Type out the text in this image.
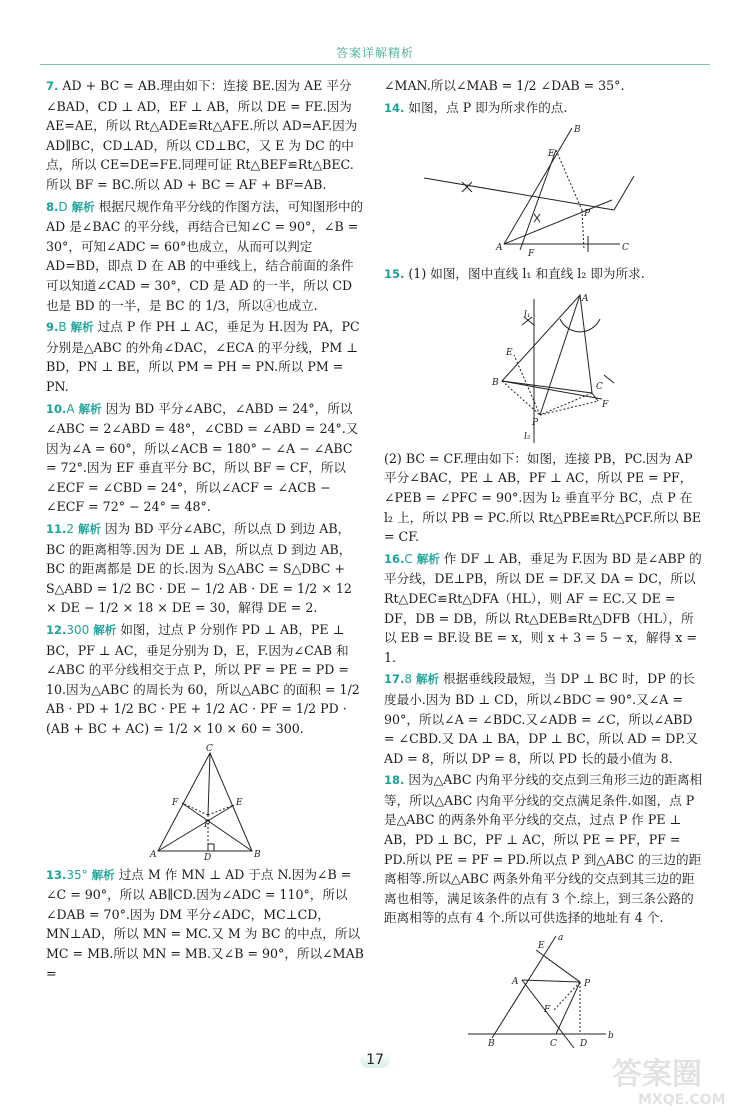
答案详解精析
7. AD + BC = AB.理由如下：连接 BE.因为 AE 平分∠BAD，CD ⊥ AD，EF ⊥ AB，所以 DE = FE.因为 AE=AE，所以 Rt△ADE≌Rt△AFE.所以 AD=AF.因为 AD∥BC，CD⊥AD，所以 CD⊥BC，又 E 为 DC 的中点，所以 CE=DE=FE.同理可证 Rt△BEF≌Rt△BEC.所以 BF = BC.所以 AD + BC = AF + BF=AB.
8.D 解析 根据尺规作角平分线的作图方法，可知图形中的 AD 是∠BAC 的平分线，再结合已知∠C = 90°，∠B = 30°，可知∠ADC = 60°也成立，从而可以判定 AD=BD，即点 D 在 AB 的中垂线上，结合前面的条件可以知道∠CAD = 30°，CD 是 AD 的一半，所以 CD 也是 BD 的一半，是 BC 的 1/3，所以④也成立.
9.B 解析 过点 P 作 PH ⊥ AC，垂足为 H.因为 PA，PC 分别是△ABC 的外角∠DAC，∠ECA 的平分线，PM ⊥ BD，PN ⊥ BE，所以 PM = PH = PN.所以 PM = PN.
10.A 解析 因为 BD 平分∠ABC，∠ABD = 24°，所以∠ABC = 2∠ABD = 48°，∠CBD = ∠ABD = 24°.又因为∠A = 60°，所以∠ACB = 180° − ∠A − ∠ABC = 72°.因为 EF 垂直平分 BC，所以 BF = CF，所以∠ECF = ∠CBD = 24°，所以∠ACF = ∠ACB − ∠ECF = 72° − 24° = 48°.
11.2 解析 因为 BD 平分∠ABC，所以点 D 到边 AB，BC 的距离相等.因为 DE ⊥ AB，所以点 D 到边 AB，BC 的距离都是 DE 的长.因为 S△ABC = S△DBC + S△ABD = 1/2 BC · DE − 1/2 AB · DE = 1/2 × 12 × DE − 1/2 × 18 × DE = 30，解得 DE = 2.
12.300 解析 如图，过点 P 分别作 PD ⊥ AB，PE ⊥ BC，PF ⊥ AC，垂足分别为 D，E，F.因为∠CAB 和∠ABC 的平分线相交于点 P，所以 PF = PE = PD = 10.因为△ABC 的周长为 60，所以△ABC 的面积 = 1/2 AB · PD + 1/2 BC · PE + 1/2 AC · PF = 1/2 PD · (AB + BC + AC) = 1/2 × 10 × 60 = 300.
C
F
P
E
A	D	B
13.35° 解析 过点 M 作 MN ⊥ AD 于点 N.因为∠B = ∠C = 90°，所以 AB∥CD.因为∠ADC = 110°，所以∠DAB = 70°.因为 DM 平分∠ADC，MC⊥CD，MN⊥AD，所以 MN = MC.又 M 为 BC 的中点，所以 MC = MB.所以 MN = MB.又∠B = 90°，所以∠MAB =
∠MAN.所以∠MAB = 1/2 ∠DAB = 35°.
14. 如图，点 P 即为所求作的点.
B
E
P
A
F
C
15. (1) 如图，图中直线 l₁ 和直线 l₂ 即为所求.
l₁
A
E
B
P
C
F
l₂
(2) BC = CF.理由如下：如图，连接 PB，PC.因为 AP 平分∠BAC，PE ⊥ AB，PF ⊥ AC，所以 PE = PF，∠PEB = ∠PFC = 90°.因为 l₂ 垂直平分 BC，点 P 在 l₂ 上，所以 PB = PC.所以 Rt△PBE≌Rt△PCF.所以 BE = CF.
16.C 解析 作 DF ⊥ AB，垂足为 F.因为 BD 是∠ABP 的平分线，DE⊥PB，所以 DE = DF.又 DA = DC，所以 Rt△DEC≌Rt△DFA（HL），则 AF = EC.又 DE = DF，DB = DB，所以 Rt△DEB≌Rt△DFB（HL），所以 EB = BF.设 BE = x，则 x + 3 = 5 − x，解得 x = 1.
17.8 解析 根据垂线段最短，当 DP ⊥ BC 时，DP 的长度最小.因为 BD ⊥ CD，所以∠BDC = 90°.又∠A = 90°，所以∠A = ∠BDC.又∠ADB = ∠C，所以∠ABD = ∠CBD.又 DA ⊥ BA，DP ⊥ BC，所以 AD = DP.又 AD = 8，所以 DP = 8，所以 PD 长的最小值为 8.
18. 因为△ABC 内角平分线的交点到三角形三边的距离相等，所以△ABC 内角平分线的交点满足条件.如图，点 P 是△ABC 的两条外角平分线的交点，过点 P 作 PE ⊥ AB，PD ⊥ BC，PF ⊥ AC，所以 PE = PF，PF = PD.所以 PE = PF = PD.所以点 P 到△ABC 的三边的距离相等.所以△ABC 两条外角平分线的交点到其三边的距离也相等，满足该条件的点有 3 个.综上，到三条公路的距离相等的点有 4 个.所以可供选择的地址有 4 个.
a
E
A	P
F
B	C	D
b
17	答案圈
MXQE.COM
